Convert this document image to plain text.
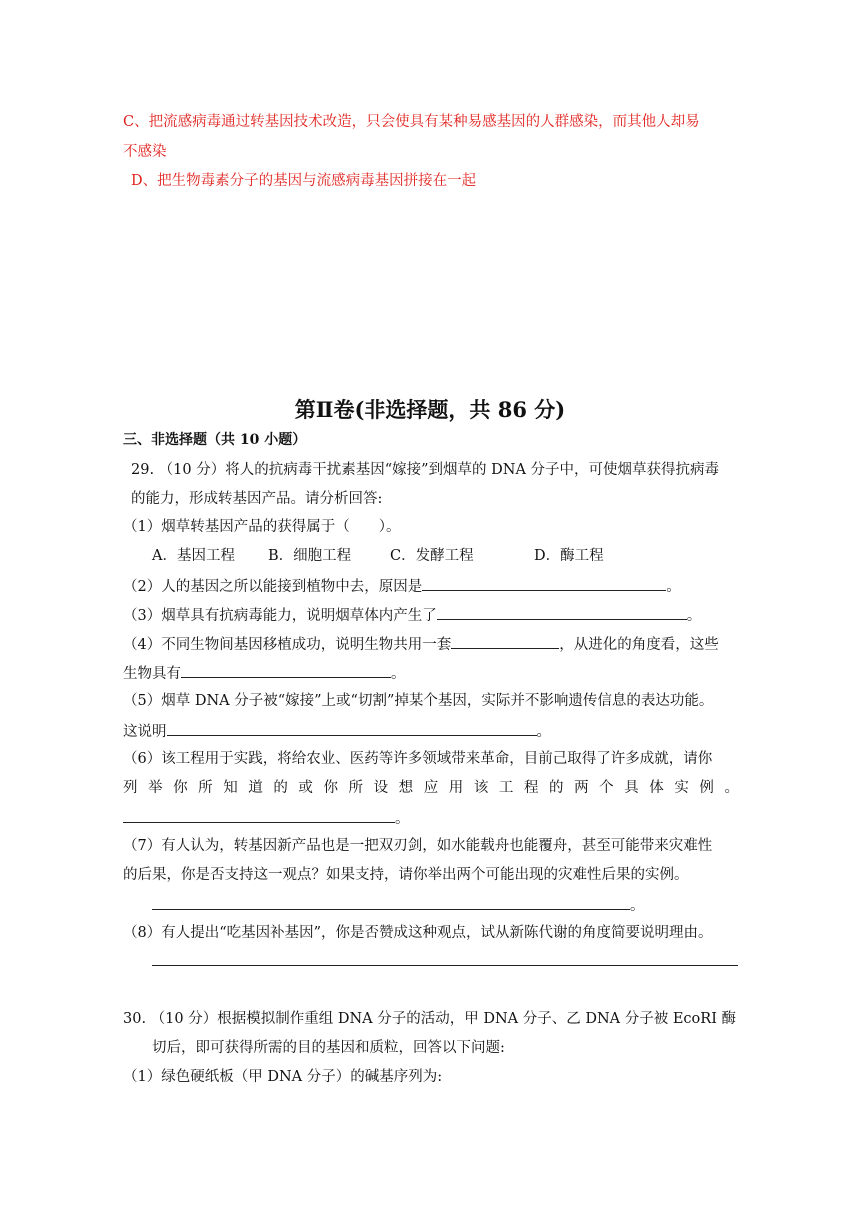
C、把流感病毒通过转基因技术改造，只会使具有某种易感基因的人群感染，而其他人却易
不感染
D、把生物毒素分子的基因与流感病毒基因拼接在一起
第Ⅱ卷(非选择题，共 86 分)
三、非选择题（共 10 小题）
29. （10 分）将人的抗病毒干扰素基因“嫁接”到烟草的 DNA 分子中，可使烟草获得抗病毒
的能力，形成转基因产品。请分析回答:
（1）烟草转基因产品的获得属于（　　）。
A．基因工程 B．细胞工程	C．发酵工程	D．酶工程
（2）人的基因之所以能接到植物中去，原因是	。
（3）烟草具有抗病毒能力，说明烟草体内产生了	。
（4）不同生物间基因移植成功，说明生物共用一套	，从进化的角度看，这些
生物具有	。
（5）烟草 DNA 分子被“嫁接”上或“切割”掉某个基因，实际并不影响遗传信息的表达功能。
这说明	。
（6）该工程用于实践，将给农业、医药等许多领域带来革命，目前己取得了许多成就，请你
列举你所知道的或你所设想应用该工程的两个具体实例。
。
（7）有人认为，转基因新产品也是一把双刃剑，如水能载舟也能覆舟，甚至可能带来灾难性
的后果，你是否支持这一观点？如果支持，请你举出两个可能出现的灾难性后果的实例。
。
（8）有人提出“吃基因补基因”，你是否赞成这种观点，试从新陈代谢的角度简要说明理由。
30. （10 分）根据模拟制作重组 DNA 分子的活动，甲 DNA 分子、乙 DNA 分子被 EcoRI 酶
切后，即可获得所需的目的基因和质粒，回答以下问题:
（1）绿色硬纸板（甲 DNA 分子）的碱基序列为:
